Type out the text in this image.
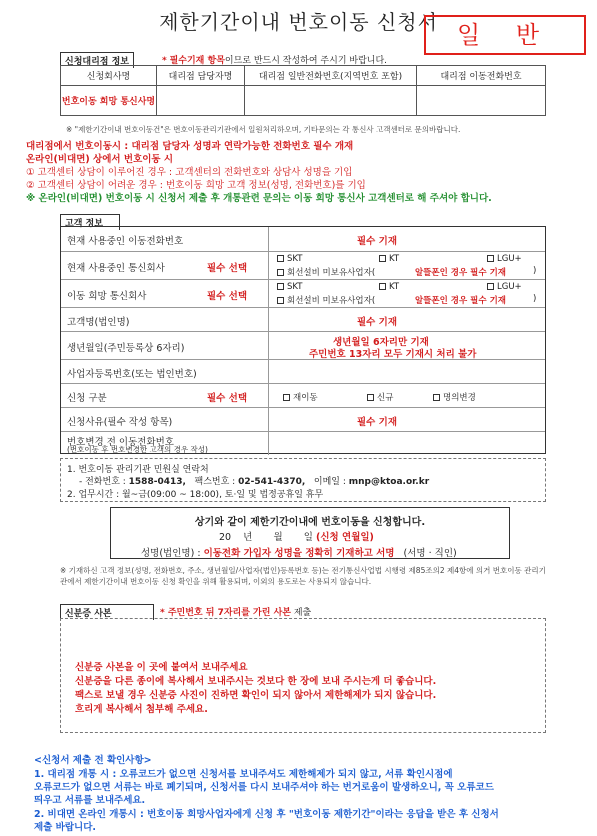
제한기간이내 번호이동 신청서 일 반
신청대리점 정보	* 필수기재 항목이므로 반드시 작성하여 주시기 바랍니다.
신청회사명	대리점 담당자명	대리점 일반전화번호(지역번호 포함)	대리점 이동전화번호
번호이동 희망 통신사명			
※ "제한기간이내 번호이동건"은 번호이동관리기관에서 일원처리하오며, 기타문의는 각 통신사 고객센터로 문의바랍니다.
대리점에서 번호이동시 : 대리점 담당자 성명과 연락가능한 전화번호 필수 개재
온라인(비대면) 상에서 번호이동 시
① 고객센터 상담이 이루어진 경우 : 고객센터의 전화번호와 상담사 성명을 기입
② 고객센터 상담이 어려운 경우 : 번호이동 희망 고객 정보(성명, 전화번호)를 기입
※ 온라인(비대면) 번호이동 시 신청서 제출 후 개통관련 문의는 이동 희망 통신사 고객센터로 해 주셔야 합니다.
고객 정보
현재 사용중인 이동전화번호	필수 기재
현재 사용중인 통신회사	필수 선택
SKT	KT	LGU+
회선설비 미보유사업자(	알뜰폰인 경우 필수 기재	)
이동 희망 통신회사	필수 선택
SKT	KT	LGU+
회선설비 미보유사업자(	알뜰폰인 경우 필수 기재	)
고객명(법인명)	필수 기재
생년월일(주민등록상 6자리)
생년월일 6자리만 기재
주민번호 13자리 모두 기재시 처리 불가
사업자등록번호(또는 법인번호)
신청 구분	필수 선택	재이동	신규	명의변경
신청사유(필수 작성 항목)	필수 기재
번호변경 전 이동전화번호
(번호이동 후 번호변경한 고객의 경우 작성)
1. 번호이동 관리기관 민원실 연락처
- 전화번호 : 1588-0413, 팩스번호 : 02-541-4370, 이메일 : mnp@ktoa.or.kr
2. 업무시간 : 월~금(09:00 ~ 18:00), 토·일 및 법정공휴일 휴무
상기와 같이 제한기간이내에 번호이동을 신청합니다.
20    년       월       일 (신청 연월일)
성명(법인명) : 이동전화 가입자 성명을 정확히 기재하고 서명 (서명 · 직인)
※ 기재하신 고객 정보(성명, 전화번호, 주소, 생년월일/사업자(법인)등록번호 등)는 전기통신사업법 시행령 제85조의2 제4항에 의거 번호이동 관리기관에서 제한기간이내 번호이동 신청 확인을 위해 활용되며, 이외의 용도로는 사용되지 않습니다.
신분증 사본	* 주민번호 뒤 7자리를 가린 사본 제출
신분증 사본을 이 곳에 붙여서 보내주세요
신분증을 다른 종이에 복사해서 보내주시는 것보다 한 장에 보내 주시는게 더 좋습니다.
팩스로 보낼 경우 신분증 사진이 진하면 확인이 되지 않아서 제한해제가 되지 않습니다.
흐리게 복사해서 첨부해 주세요.
<신청서 제출 전 확인사항>
1. 대리점 개통 시 : 오류코드가 없으면 신청서를 보내주셔도 제한해제가 되지 않고, 서류 확인시점에
오류코드가 없으면 서류는 바로 폐기되며, 신청서를 다시 보내주셔야 하는 번거로움이 발생하오니, 꼭 오류코드
띄우고 서류를 보내주세요.
2. 비대면 온라인 개통시 : 번호이동 희망사업자에게 신청 후 "번호이동 제한기간"이라는 응답을 받은 후 신청서
제출 바랍니다.
